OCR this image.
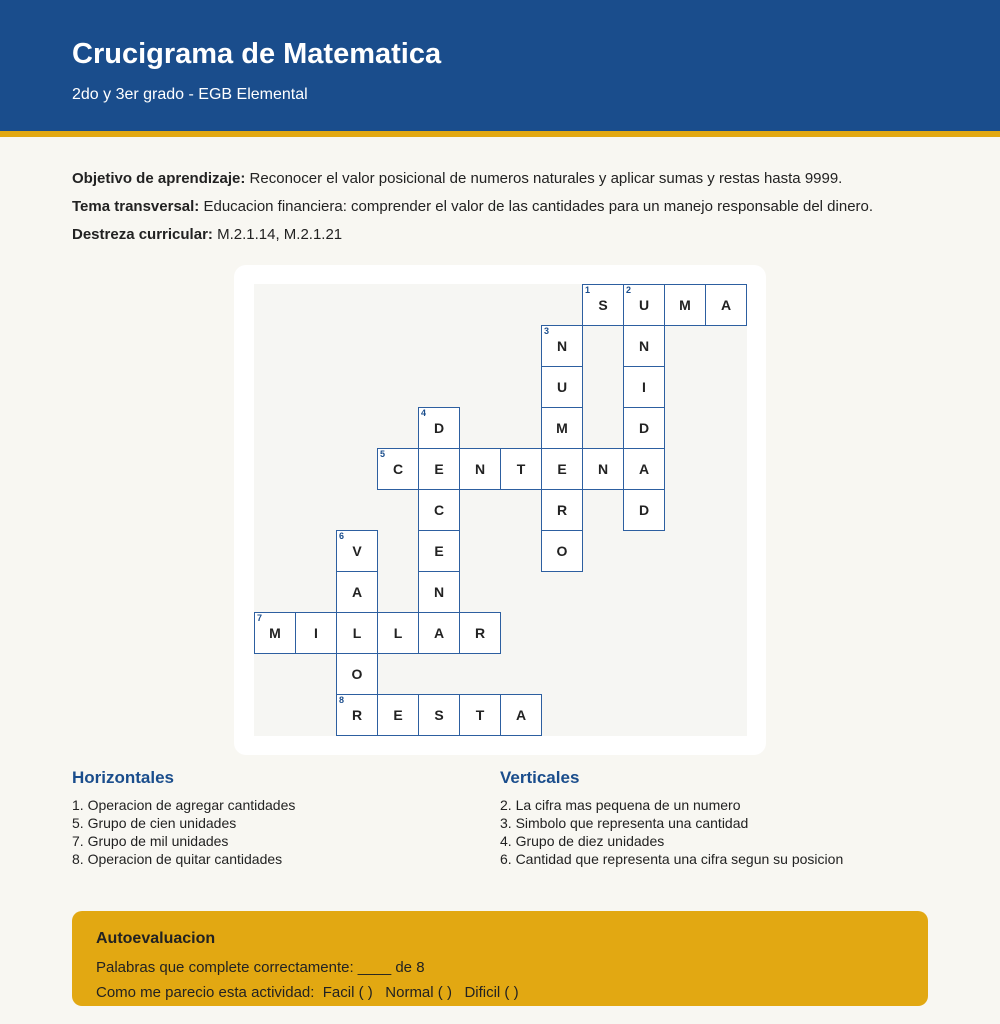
Crucigrama de Matematica
2do y 3er grado - EGB Elemental
Objetivo de aprendizaje: Reconocer el valor posicional de numeros naturales y aplicar sumas y restas hasta 9999.
Tema transversal: Educacion financiera: comprender el valor de las cantidades para un manejo responsable del dinero.
Destreza curricular: M.2.1.14, M.2.1.21
S
1
U
2
M A
N
I
D
A
D
N
3
U
M
E
R
O
D
4
E
C
E
N
A
C
5
N T	N
V
6
A
L
O
R
8
M
7
I	L	R
E S T A
Horizontales
1. Operacion de agregar cantidades
5. Grupo de cien unidades
7. Grupo de mil unidades
8. Operacion de quitar cantidades
Verticales
2. La cifra mas pequena de un numero
3. Simbolo que representa una cantidad
4. Grupo de diez unidades
6. Cantidad que representa una cifra segun su posicion
Autoevaluacion
Palabras que complete correctamente: ____ de 8
Como me parecio esta actividad:  Facil ( )   Normal ( )   Dificil ( )
